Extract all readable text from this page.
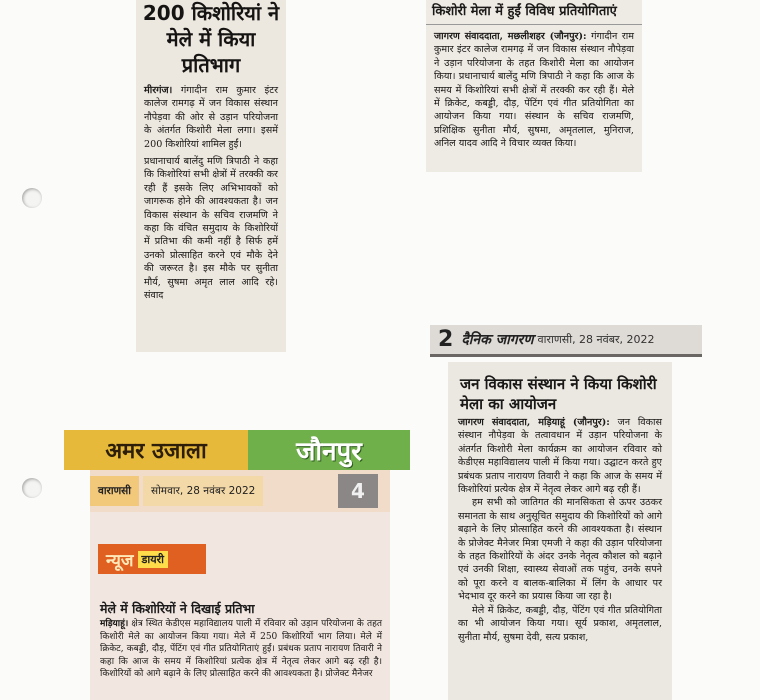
200 किशोरियां ने मेले में किया प्रतिभाग

मीरगंज। गंगादीन राम कुमार इंटर कालेज रामगढ़ में जन विकास संस्थान नौपेड़वा की ओर से उड़ान परियोजना के अंतर्गत किशोरी मेला लगा। इसमें 200 किशोरियां शामिल हुईं।

प्रधानाचार्य बालेंदु मणि त्रिपाठी ने कहा कि किशोरियां सभी क्षेत्रों में तरक्की कर रही हैं इसके लिए अभिभावकों को जागरूक होने की आवश्यकता है। जन विकास संस्थान के सचिव राजमणि ने कहा कि वंचित समुदाय के किशोरियों में प्रतिभा की कमी नहीं है सिर्फ हमें उनको प्रोत्साहित करने एवं मौके देने की जरूरत है। इस मौके पर सुनीता मौर्य, सुषमा अमृत लाल आदि रहे। संवाद

किशोरी मेला में हुईं विविध प्रतियोगिताएं

जागरण संवाददाता, मछलीशहर (जौनपुर): गंगादीन राम कुमार इंटर कालेज रामगढ़ में जन विकास संस्थान नौपेड़वा ने उड़ान परियोजना के तहत किशोरी मेला का आयोजन किया। प्रधानाचार्य बालेंदु मणि त्रिपाठी ने कहा कि आज के समय में किशोरियां सभी क्षेत्रों में तरक्की कर रही हैं। मेले में क्रिकेट, कबड्डी, दौड़, पेंटिंग एवं गीत प्रतियोगिता का आयोजन किया गया। संस्थान के सचिव राजमणि, प्रशिक्षिक सुनीता मौर्य, सुषमा, अमृतलाल, मुनिराज, अनिल यादव आदि ने विचार व्यक्त किया।

2 दैनिक जागरण वाराणसी, 28 नवंबर, 2022
जन विकास संस्थान ने किया किशोरी मेला का आयोजन

जागरण संवाददाता, मड़ियाहूं (जौनपुर): जन विकास संस्थान नौपेड़वा के तत्वावधान में उड़ान परियोजना के अंतर्गत किशोरी मेला कार्यक्रम का आयोजन रविवार को केडीएस महाविद्यालय पाली में किया गया। उद्घाटन करते हुए प्रबंधक प्रताप नारायण तिवारी ने कहा कि आज के समय में किशोरियां प्रत्येक क्षेत्र में नेतृत्व लेकर आगे बढ़ रही हैं।

हम सभी को जातिगत की मानसिकता से ऊपर उठकर समानता के साथ अनुसूचित समुदाय की किशोरियों को आगे बढ़ाने के लिए प्रोत्साहित करने की आवश्यकता है। संस्थान के प्रोजेक्ट मैनेजर मित्रा एमजी ने कहा की उड़ान परियोजना के तहत किशोरियों के अंदर उनके नेतृत्व कौशल को बढ़ाने एवं उनकी शिक्षा, स्वास्थ्य सेवाओं तक पहुंच, उनके सपने को पूरा करने व बालक-बालिका में लिंग के आधार पर भेदभाव दूर करने का प्रयास किया जा रहा है।

मेले में क्रिकेट, कबड्डी, दौड़, पेंटिंग एवं गीत प्रतियोगिता का भी आयोजन किया गया। सूर्य प्रकाश, अमृतलाल, सुनीता मौर्य, सुषमा देवी, सत्य प्रकाश,

अमर उजाला	जौनपुर
वाराणसी	सोमवार, 28 नवंबर 2022	4
न्यूज डायरी
मेले में किशोरियों ने दिखाई प्रतिभा

मड़ियाहूं। क्षेत्र स्थित केडीएस महाविद्यालय पाली में रविवार को उड़ान परियोजना के तहत किशोरी मेले का आयोजन किया गया। मेले में 250 किशोरियों भाग लिया। मेले में क्रिकेट, कबड्डी, दौड़, पेंटिंग एवं गीत प्रतियोगिताएं हुईं। प्रबंधक प्रताप नारायण तिवारी ने कहा कि आज के समय में किशोरियां प्रत्येक क्षेत्र में नेतृत्व लेकर आगे बढ़ रही है। किशोरियों को आगे बढ़ाने के लिए प्रोत्साहित करने की आवश्यकता है। प्रोजेक्ट मैनेजर
